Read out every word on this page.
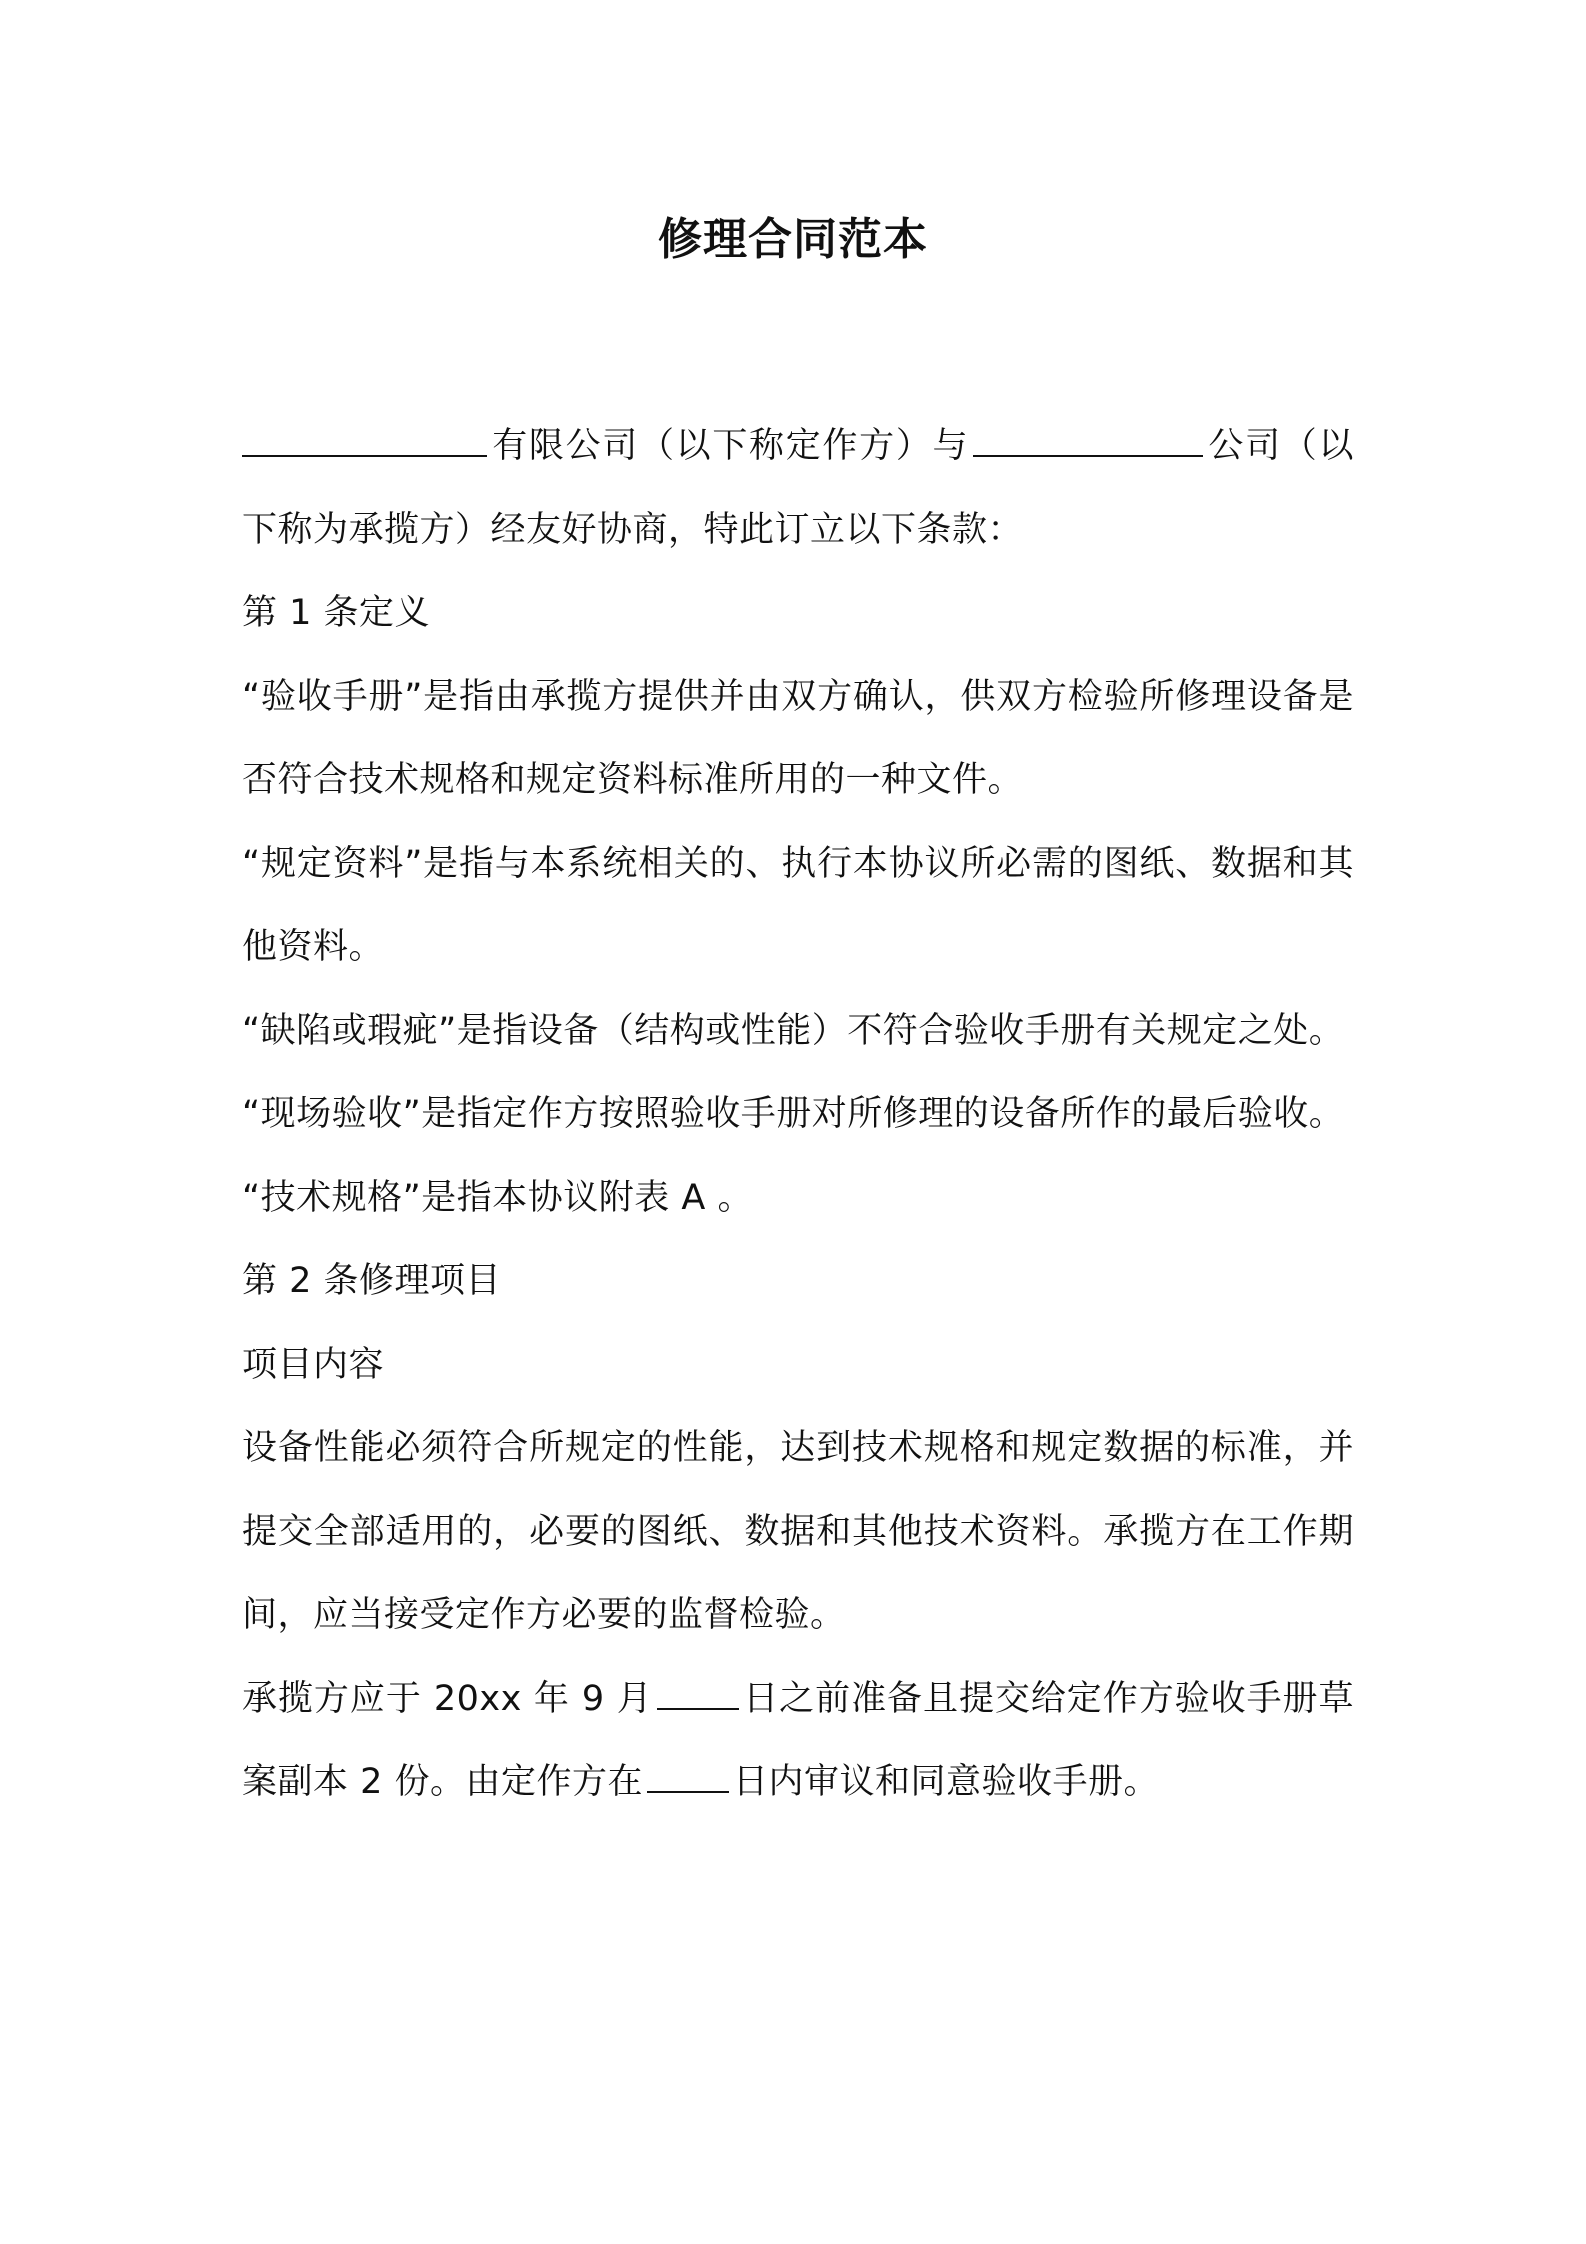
修理合同范本

有限公司（以下称定作方）与	公司（以下称为承揽方）经友好协商，特此订立以下条款：

第 1 条定义

“验收手册”是指由承揽方提供并由双方确认，供双方检验所修理设备是否符合技术规格和规定资料标准所用的一种文件。

“规定资料”是指与本系统相关的、执行本协议所必需的图纸、数据和其他资料。

“缺陷或瑕疵”是指设备（结构或性能）不符合验收手册有关规定之处。

“现场验收”是指定作方按照验收手册对所修理的设备所作的最后验收。

“技术规格”是指本协议附表 A 。

第 2 条修理项目

项目内容

设备性能必须符合所规定的性能，达到技术规格和规定数据的标准，并提交全部适用的，必要的图纸、数据和其他技术资料。承揽方在工作期间，应当接受定作方必要的监督检验。

承揽方应于 20xx 年 9 月	日之前准备且提交给定作方验收手册草案副本 2 份。由定作方在	日内审议和同意验收手册。
